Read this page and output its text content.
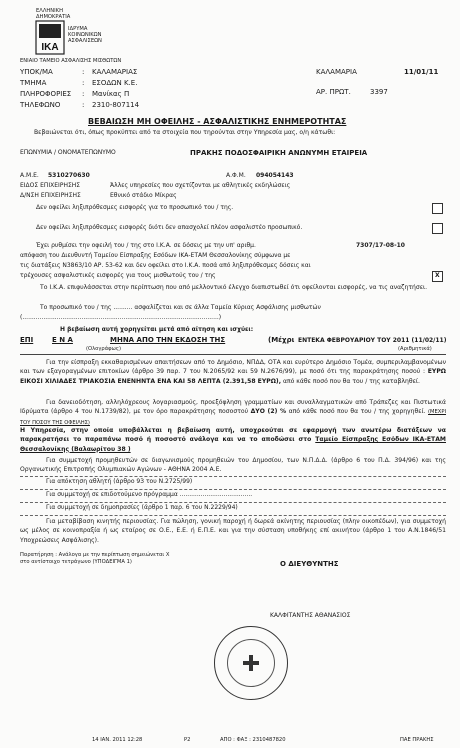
ΕΛΛΗΝΙΚΗ
ΔΗΜΟΚΡΑΤΙΑ
ΙΚΑ
ΙΔΡΥΜΑ
ΚΟΙΝΩΝΙΚΩΝ
ΑΣΦΑΛΙΣΕΩΝ
ΕΝΙΑΙΟ ΤΑΜΕΙΟ ΑΣΦΑΛΙΣΗΣ ΜΙΣΘΩΤΩΝ
ΥΠΟΚ/ΜΑ	: ΚΑΛΑΜΑΡΙΑΣ
ΤΜΗΜΑ	: ΕΣΟΔΩΝ Κ.Ε.
ΠΛΗΡΟΦΟΡΙΕΣ : Μανίκας Π
ΤΗΛΕΦΩΝΟ	: 2310-807114
ΚΑΛΑΜΑΡΙΑ	11/01/11
ΑΡ. ΠΡΩΤ.	3397
ΒΕΒΑΙΩΣΗ ΜΗ ΟΦΕΙΛΗΣ - ΑΣΦΑΛΙΣΤΙΚΗΣ ΕΝΗΜΕΡΟΤΗΤΑΣ
Βεβαιώνεται ότι, όπως προκύπτει από τα στοιχεία που τηρούνται στην Υπηρεσία μας, ο/η κάτωθι:
ΕΠΩΝΥΜΙΑ / ΟΝΟΜΑΤΕΠΩΝΥΜΟ	ΠΡΑΚΗΣ ΠΟΔΟΣΦΑΙΡΙΚΗ ΑΝΩΝΥΜΗ ΕΤΑΙΡΕΙΑ
Α.Μ.Ε. 5310270630	Α.Φ.Μ. 094054143
ΕΙΔΟΣ ΕΠΙΧΕΙΡΗΣΗΣ	Άλλες υπηρεσίες που σχετίζονται με αθλητικές εκδηλώσεις
Δ/ΝΣΗ ΕΠΙΧΕΙΡΗΣΗΣ	Εθνικό στάδιο Μίκρας
Δεν οφείλει ληξιπρόθεσμες εισφορές για το προσωπικό του / της.
Δεν οφείλει ληξιπρόθεσμες εισφορές διότι δεν απασχολεί πλέον ασφαλιστέο προσωπικό.
Έχει ρυθμίσει την οφειλή του / της στο Ι.Κ.Α. σε δόσεις με την υπ' αριθμ.	7307/17-08-10
απόφαση του Διευθυντή Ταμείου Είσπραξης Εσόδων ΙΚΑ-ΕΤΑΜ Θεσσαλονίκης σύμφωνα με
τις διατάξεις Ν3863/10 ΑΡ. 53-62 και δεν οφείλει στο Ι.Κ.Α. ποσά από ληξιπρόθεσμες δόσεις και
τρέχουσες ασφαλιστικές εισφορές για τους μισθωτούς του / της	X
Το Ι.Κ.Α. επιφυλάσσεται στην περίπτωση που από μελλοντικό έλεγχο διαπιστωθεί ότι οφείλονται εισφορές, να τις αναζητήσει.
Το προσωπικό του / της .......... ασφαλίζεται και σε άλλα Ταμεία Κύριας Ασφάλισης μισθωτών
(.......................................................................................................)
Η βεβαίωση αυτή χορηγείται μετά από αίτηση και ισχύει:
ΕΠΙ	Ε Ν Α	ΜΗΝΑ ΑΠΟ ΤΗΝ ΕΚΔΟΣΗ ΤΗΣ	(Μέχρι ΕΝΤΕΚΑ ΦΕΒΡΟΥΑΡΙΟΥ ΤΟΥ 2011 (11/02/11)
(Ολογράφως)	(Αριθμητικά)
Για την είσπραξη εκκαθαρισμένων απαιτήσεων από το Δημόσιο, ΝΠΔΔ, ΟΤΑ και ευρύτερο Δημόσιο Τομέα, συμπεριλαμβανομένων και των εξαγοραγμένων επιτοκίων (άρθρο 39 παρ. 7 του Ν.2065/92 και 59 Ν.2676/99), με ποσό ότι της παρακράτησης ποσού : ΕΥΡΩ ΕΙΚΟΣΙ ΧΙΛΙΑΔΕΣ ΤΡΙΑΚΟΣΙΑ ΕΝΕΝΗΝΤΑ ΕΝΑ ΚΑΙ 58 ΛΕΠΤΑ (2.391,58 ΕΥΡΩ), από κάθε ποσό που θα του / της καταβληθεί.
Για δανειοδότηση, αλληλόχρεους λογαριασμούς, προεξόφληση γραμματίων και συναλλαγματικών από Τράπεζες και Πιστωτικά Ιδρύματα (άρθρο 4 του Ν.1739/82), με τον όρο παρακράτησης ποσοστού ΔΥΟ (2) % από κάθε ποσό που θα του / της χορηγηθεί. (ΜΕΧΡΙ ΤΟΥ ΠΟΣΟΥ ΤΗΣ ΟΦΕΙΛΗΣ)
Η Υπηρεσία, στην οποία υποβάλλεται η βεβαίωση αυτή, υποχρεούται σε εφαρμογή των ανωτέρω διατάξεων να παρακρατήσει το παραπάνω ποσό ή ποσοστό ανάλογα και να το αποδώσει στο Ταμείο Είσπραξης Εσόδων ΙΚΑ-ΕΤΑΜ Θεσσαλονίκης (Βαλαωρίτου 38 )
Για συμμετοχή προμηθευτών σε διαγωνισμούς προμηθειών του Δημοσίου, των Ν.Π.Δ.Δ. (άρθρο 6 του Π.Δ. 394/96) και της Οργανωτικής Επιτροπής Ολυμπιακών Αγώνων - ΑΘΗΝΑ 2004 Α.Ε.
Για απόκτηση αθλητή (άρθρο 93 του Ν.2725/99)
Για συμμετοχή σε επιδοτούμενο πρόγραμμα ......................................
Για συμμετοχή σε δημοπρασίες (άρθρο 1 παρ. 6 του Ν.2229/94)
Για μεταβίβαση κινητής περιουσίας. Για πώληση, γονική παροχή ή δωρεά ακίνητης περιουσίας (πλην οικοπέδων), για συμμετοχή ως μέλος σε κοινοπραξία ή ως εταίρος σε Ο.Ε., Ε.Ε. ή Ε.Π.Ε. και για την σύσταση υποθήκης επί ακινήτου (άρθρο 1 του Α.Ν.1846/51 Υποχρεώσεις Ασφάλισης).
Παρατήρηση : Ανάλογα με την περίπτωση σημειώνεται Χ στο αντίστοιχο τετράγωνο (ΥΠΟΔΕΙΓΜΑ 1)	Ο ΔΙΕΥΘΥΝΤΗΣ
ΚΑΛΦΙΤΑΝΤΗΣ ΑΘΑΝΑΣΙΟΣ
14 ΙΑΝ. 2011 12:28	P2	ΑΠΟ : ΦΑΞ : 2310487820	ΠΑΕ ΠΡΑΚΗΣ
